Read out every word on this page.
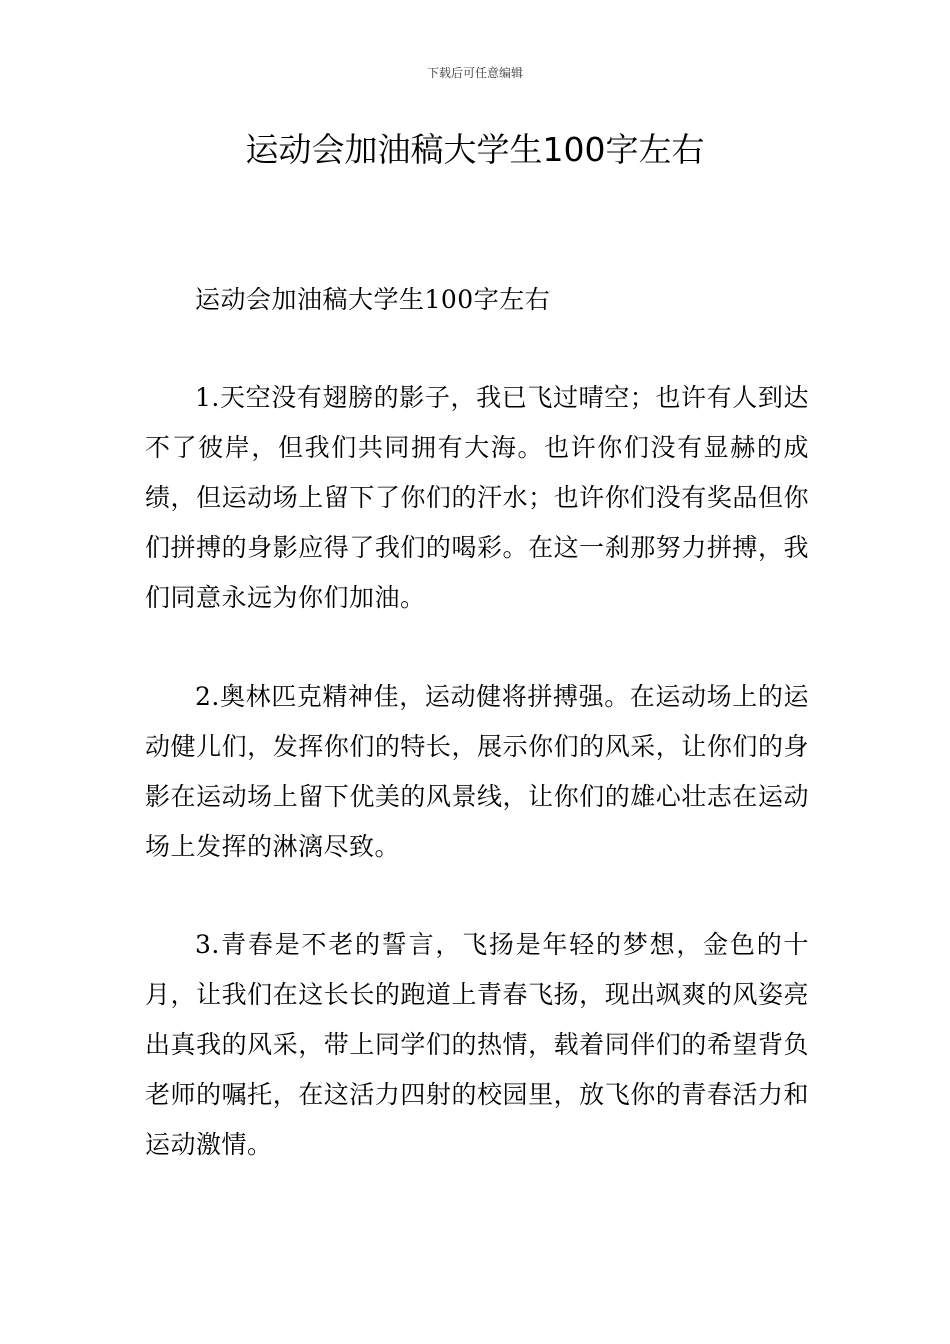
下载后可任意编辑
运动会加油稿大学生100字左右

运动会加油稿大学生100字左右

1.天空没有翅膀的影子，我已飞过晴空；也许有人到达不了彼岸，但我们共同拥有大海。也许你们没有显赫的成绩，但运动场上留下了你们的汗水；也许你们没有奖品但你们拼搏的身影应得了我们的喝彩。在这一刹那努力拼搏，我们同意永远为你们加油。

2.奥林匹克精神佳，运动健将拼搏强。在运动场上的运动健儿们，发挥你们的特长，展示你们的风采，让你们的身影在运动场上留下优美的风景线，让你们的雄心壮志在运动场上发挥的淋漓尽致。

3.青春是不老的誓言，飞扬是年轻的梦想，金色的十月，让我们在这长长的跑道上青春飞扬，现出飒爽的风姿亮出真我的风采，带上同学们的热情，载着同伴们的希望背负老师的嘱托，在这活力四射的校园里，放飞你的青春活力和运动激情。
